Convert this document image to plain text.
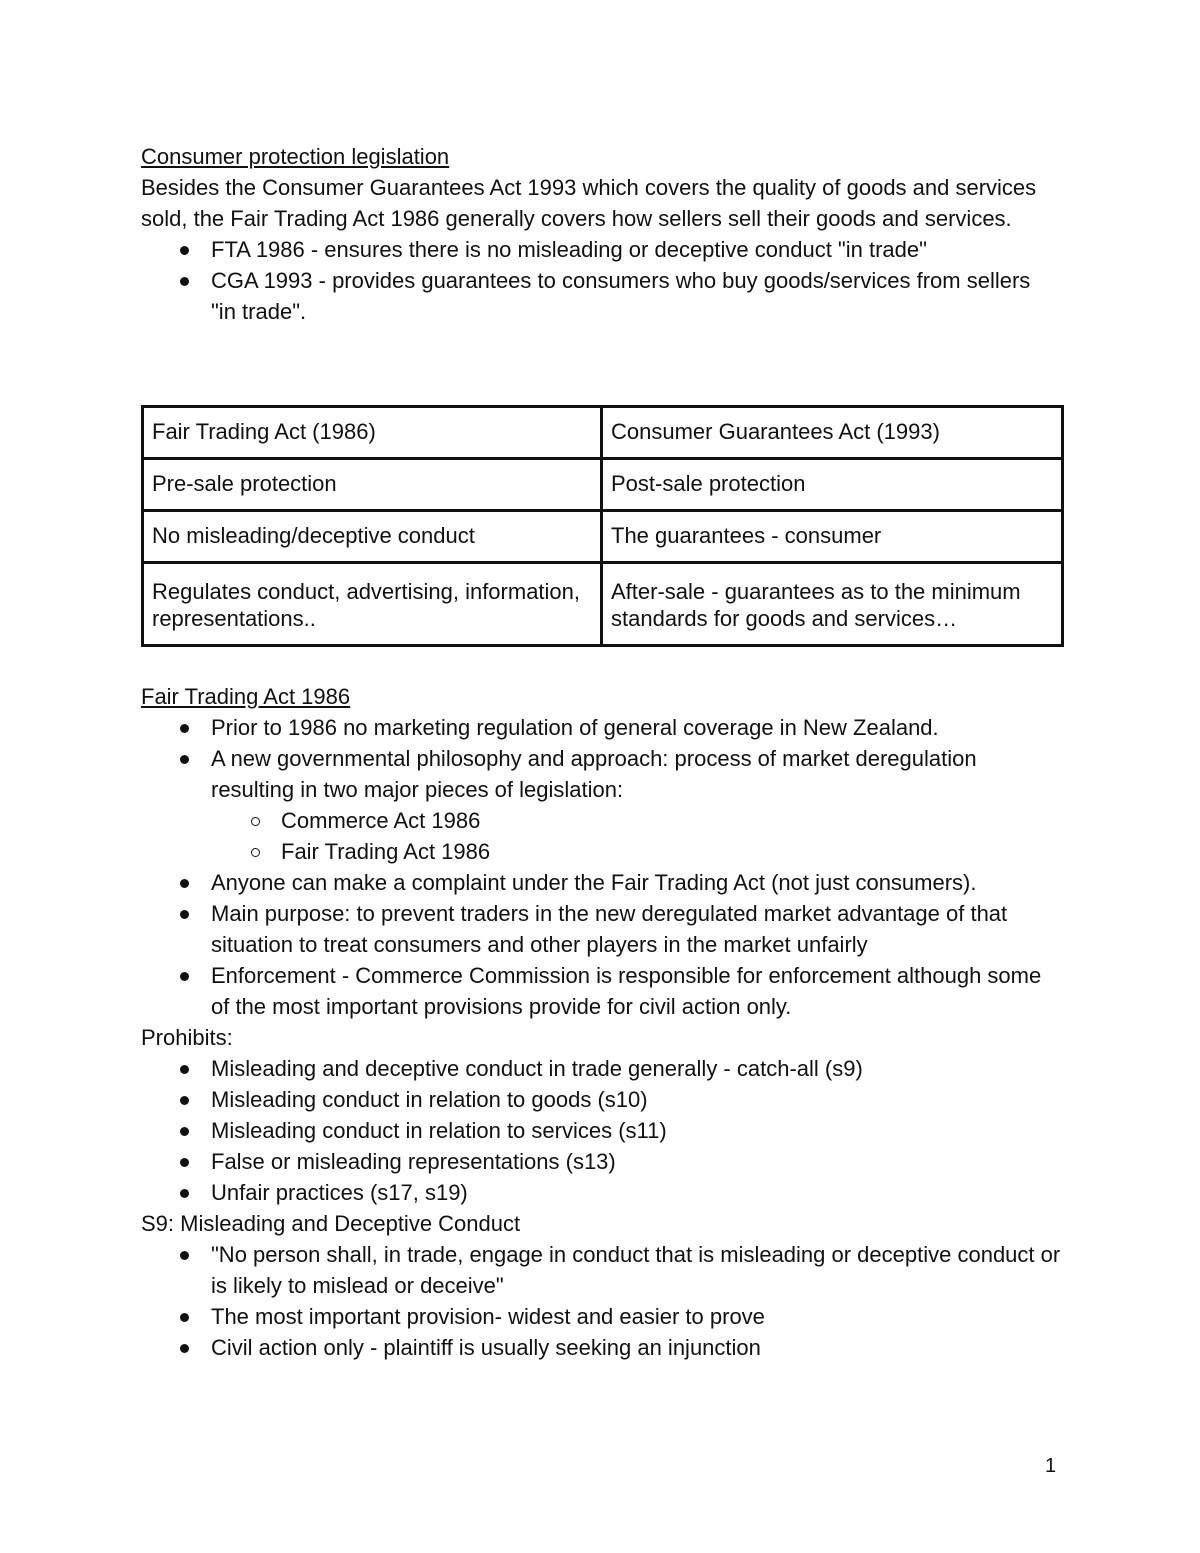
Consumer protection legislation

Besides the Consumer Guarantees Act 1993 which covers the quality of goods and services sold, the Fair Trading Act 1986 generally covers how sellers sell their goods and services.

FTA 1986 - ensures there is no misleading or deceptive conduct "in trade"
CGA 1993 - provides guarantees to consumers who buy goods/services from sellers "in trade".
Fair Trading Act (1986)	Consumer Guarantees Act (1993)
Pre-sale protection	Post-sale protection
No misleading/deceptive conduct	The guarantees - consumer
Regulates conduct, advertising, information, representations..	After-sale - guarantees as to the minimum standards for goods and services…

Fair Trading Act 1986

Prior to 1986 no marketing regulation of general coverage in New Zealand.
A new governmental philosophy and approach: process of market deregulation resulting in two major pieces of legislation:
Commerce Act 1986
Fair Trading Act 1986
Anyone can make a complaint under the Fair Trading Act (not just consumers).
Main purpose: to prevent traders in the new deregulated market advantage of that situation to treat consumers and other players in the market unfairly
Enforcement - Commerce Commission is responsible for enforcement although some of the most important provisions provide for civil action only.

Prohibits:

Misleading and deceptive conduct in trade generally - catch-all (s9)
Misleading conduct in relation to goods (s10)
Misleading conduct in relation to services (s11)
False or misleading representations (s13)
Unfair practices (s17, s19)

S9: Misleading and Deceptive Conduct

"No person shall, in trade, engage in conduct that is misleading or deceptive conduct or is likely to mislead or deceive"
The most important provision- widest and easier to prove
Civil action only - plaintiff is usually seeking an injunction
1
